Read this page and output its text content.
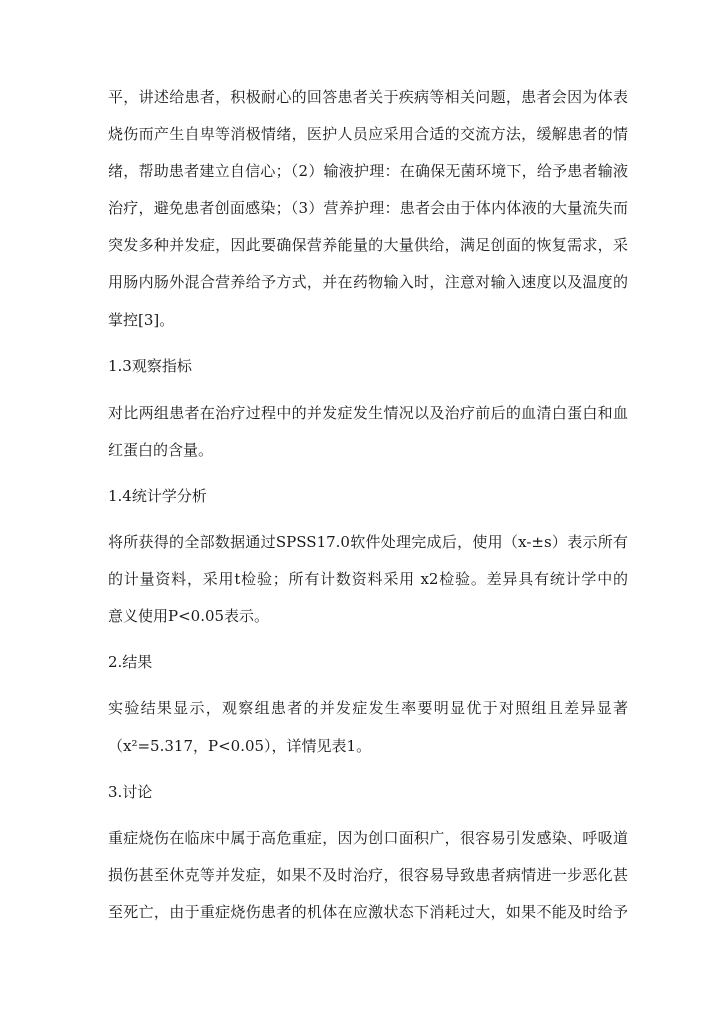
平，讲述给患者，积极耐心的回答患者关于疾病等相关问题，患者会因为体表
烧伤而产生自卑等消极情绪，医护人员应采用合适的交流方法，缓解患者的情
绪，帮助患者建立自信心；（2）输液护理：在确保无菌环境下，给予患者输液
治疗，避免患者创面感染；（3）营养护理：患者会由于体内体液的大量流失而
突发多种并发症，因此要确保营养能量的大量供给，满足创面的恢复需求，采
用肠内肠外混合营养给予方式，并在药物输入时，注意对输入速度以及温度的
掌控[3]。
1.3观察指标
对比两组患者在治疗过程中的并发症发生情况以及治疗前后的血清白蛋白和血
红蛋白的含量。
1.4统计学分析
将所获得的全部数据通过SPSS17.0软件处理完成后，使用（x-±s）表示所有
的计量资料，采用t检验；所有计数资料采用 x2检验。差异具有统计学中的
意义使用P<0.05表示。
2.结果
实验结果显示，观察组患者的并发症发生率要明显优于对照组且差异显著
（x²=5.317，P<0.05），详情见表1。
3.讨论
重症烧伤在临床中属于高危重症，因为创口面积广，很容易引发感染、呼吸道
损伤甚至休克等并发症，如果不及时治疗，很容易导致患者病情进一步恶化甚
至死亡，由于重症烧伤患者的机体在应激状态下消耗过大，如果不能及时给予
